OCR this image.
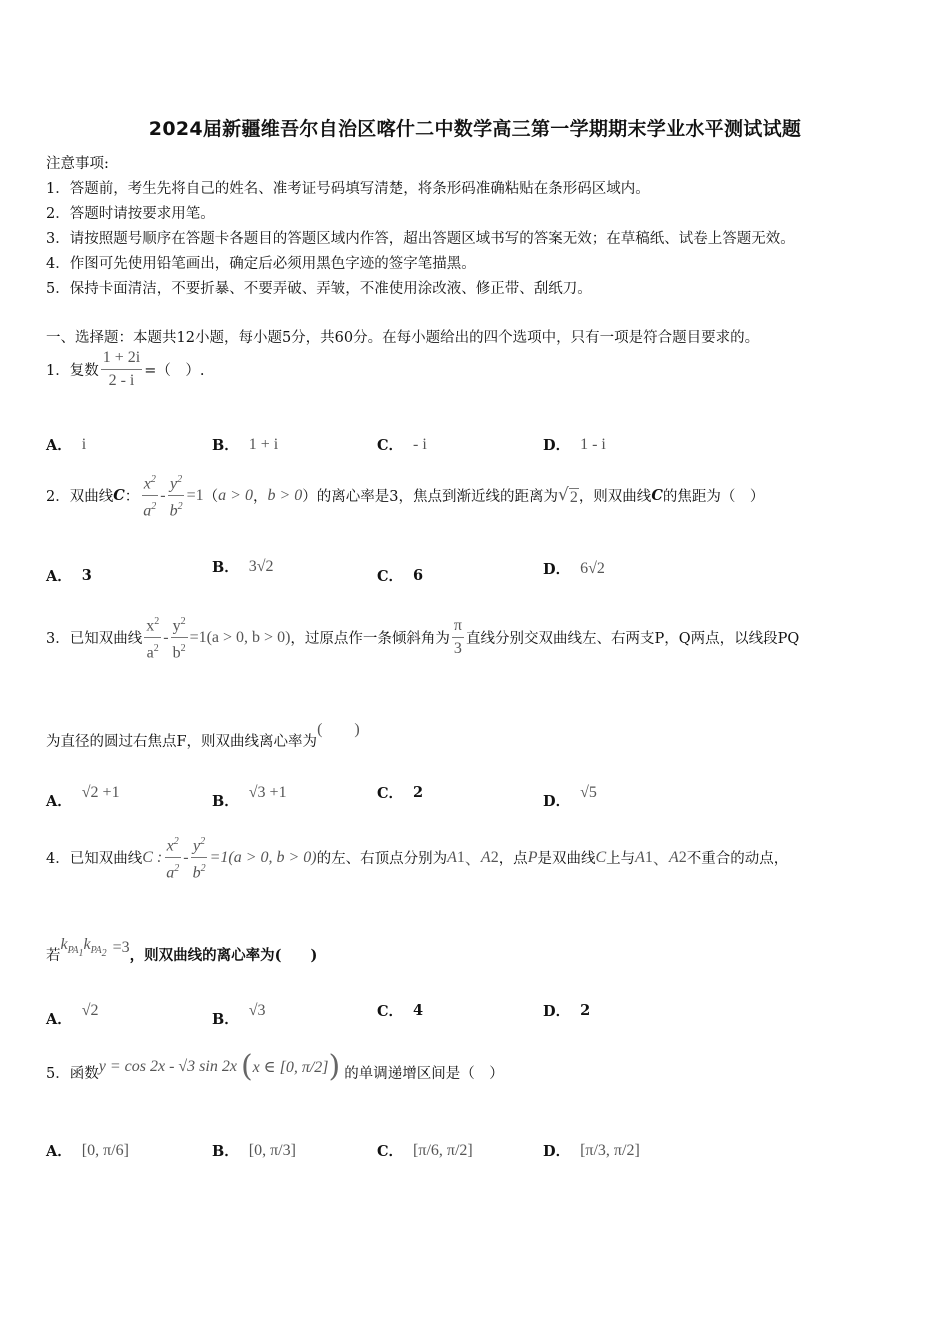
2024届新疆维吾尔自治区喀什二中数学高三第一学期期末学业水平测试试题
注意事项:
1．答题前，考生先将自己的姓名、准考证号码填写清楚，将条形码准确粘贴在条形码区域内。
2．答题时请按要求用笔。
3．请按照题号顺序在答题卡各题目的答题区域内作答，超出答题区域书写的答案无效；在草稿纸、试卷上答题无效。
4．作图可先使用铅笔画出，确定后必须用黑色字迹的签字笔描黑。
5．保持卡面清洁，不要折暴、不要弄破、弄皱，不准使用涂改液、修正带、刮纸刀。
一、选择题：本题共12小题，每小题5分，共60分。在每小题给出的四个选项中，只有一项是符合题目要求的。
1．复数 $\frac{1 + 2i}{2 - i}$ =（　）.
A． i	B． 1 + i	C． - i	D． 1 - i
2．双曲线 C ： $\frac{x^2}{a^2} - \frac{y^2}{b^2} =1$ （ a > 0 ， b > 0 ） 的离心率是3，焦点到渐近线的距离为 √ 2 ，则双曲线 C 的焦距为（　）
A． 3	B． 3√2
C． 6	D． 6√2
3．已知双曲线 $\frac{x^2}{a^2} - \frac{y^2}{b^2} =1(a > 0$, b > 0) ，过原点作一条倾斜角为 $\frac{\pi}{3}$ 直线分别交双曲线左、右两支P，Q两点，以线段PQ
为直径的圆过右焦点F，则双曲线离心率为
(　　)
A．
√2 +1
B．
√3 +1	C． 2
D．
√5
4．已知双曲线 C : $\frac{x^2}{a^2} - \frac{y^2}{b^2} =1(a > 0$, b > 0) 的左、右顶点分别为 A 1 、 A 2 ，点 P 是双曲线 C 上与 A 1 、 A 2 不重合的动点，
若
$k_{PA_1}k_{PA_2} =3$ ，则双曲线的离心率为(　　)
A．
√2
B．
√3	C． 4	D． 2
5．函数 y = cos 2x - √3 sin 2x ( x ∈ [0, π/2] ) 的单调递增区间是（　）
A． [0, π/6]	B． [0, π/3]	C． [π/6, π/2]	D． [π/3, π/2]
